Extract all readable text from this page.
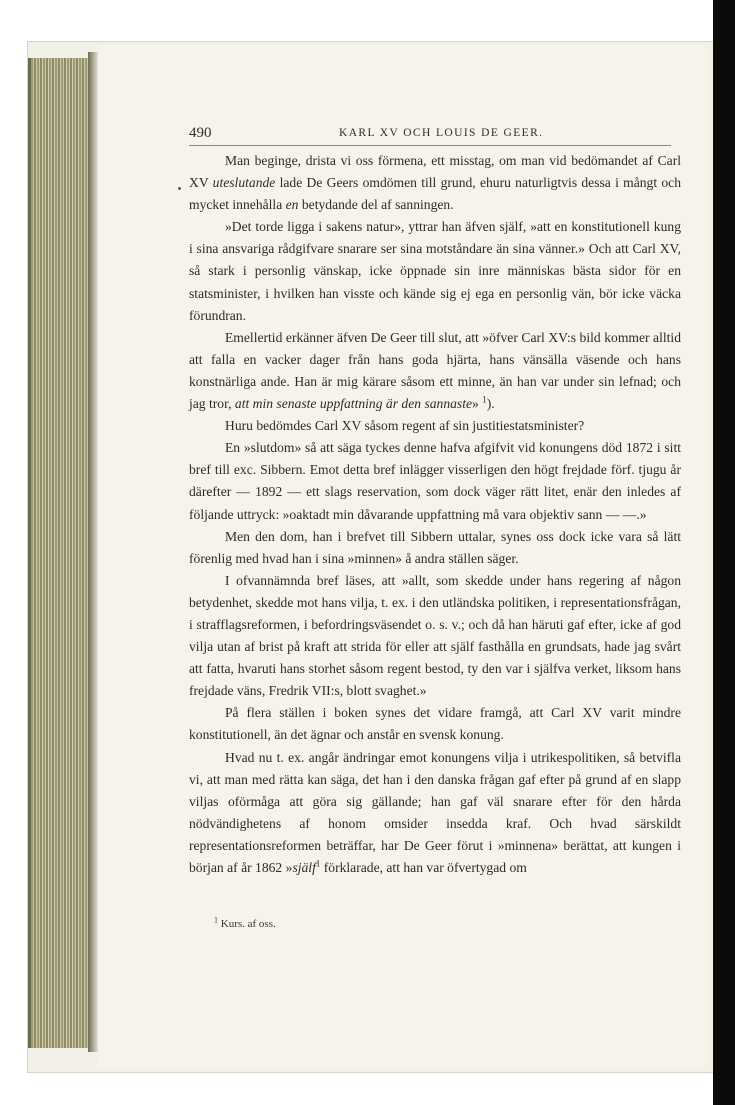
490	KARL XV OCH LOUIS DE GEER.

Man beginge, drista vi oss förmena, ett misstag, om man vid bedömandet af Carl XV uteslutande lade De Geers omdömen till grund, ehuru naturligtvis dessa i mångt och mycket innehålla en betydande del af sanningen.

»Det torde ligga i sakens natur», yttrar han äfven själf, »att en konstitutionell kung i sina ansvariga rådgifvare snarare ser sina motståndare än sina vänner.» Och att Carl XV, så stark i personlig vänskap, icke öppnade sin inre människas bästa sidor för en statsminister, i hvilken han visste och kände sig ej ega en personlig vän, bör icke väcka förundran.

Emellertid erkänner äfven De Geer till slut, att »öfver Carl XV:s bild kommer alltid att falla en vacker dager från hans goda hjärta, hans vänsälla väsende och hans konstnärliga ande. Han är mig kärare såsom ett minne, än han var under sin lefnad; och jag tror, att min senaste uppfattning är den sannaste» $^1$).

Huru bedömdes Carl XV såsom regent af sin justitiestatsminister?

En »slutdom» så att säga tyckes denne hafva afgifvit vid konungens död 1872 i sitt bref till exc. Sibbern. Emot detta bref inlägger visserligen den högt frejdade förf. tjugu år därefter — 1892 — ett slags reservation, som dock väger rätt litet, enär den inledes af följande uttryck: »oaktadt min dåvarande uppfattning må vara objektiv sann — —.»

Men den dom, han i brefvet till Sibbern uttalar, synes oss dock icke vara så lätt förenlig med hvad han i sina »minnen» å andra ställen säger.

I ofvannämnda bref läses, att »allt, som skedde under hans regering af någon betydenhet, skedde mot hans vilja, t. ex. i den utländska politiken, i representationsfrågan, i strafflagsreformen, i befordringsväsendet o. s. v.; och då han häruti gaf efter, icke af god vilja utan af brist på kraft att strida för eller att själf fasthålla en grundsats, hade jag svårt att fatta, hvaruti hans storhet såsom regent bestod, ty den var i själfva verket, liksom hans frejdade väns, Fredrik VII:s, blott svaghet.»

På flera ställen i boken synes det vidare framgå, att Carl XV varit mindre konstitutionell, än det ägnar och anstår en svensk konung.

Hvad nu t. ex. angår ändringar emot konungens vilja i utrikespolitiken, så betvifla vi, att man med rätta kan säga, det han i den danska frågan gaf efter på grund af en slapp viljas oförmåga att göra sig gällande; han gaf väl snarare efter för den hårda nödvändighetens af honom omsider insedda kraf. Och hvad särskildt representationsreformen beträffar, har De Geer förut i »minnena» berättat, att kungen i början af år 1862 »själf$^1$ förklarade, att han var öfvertygad om

$^1$ Kurs. af oss.
